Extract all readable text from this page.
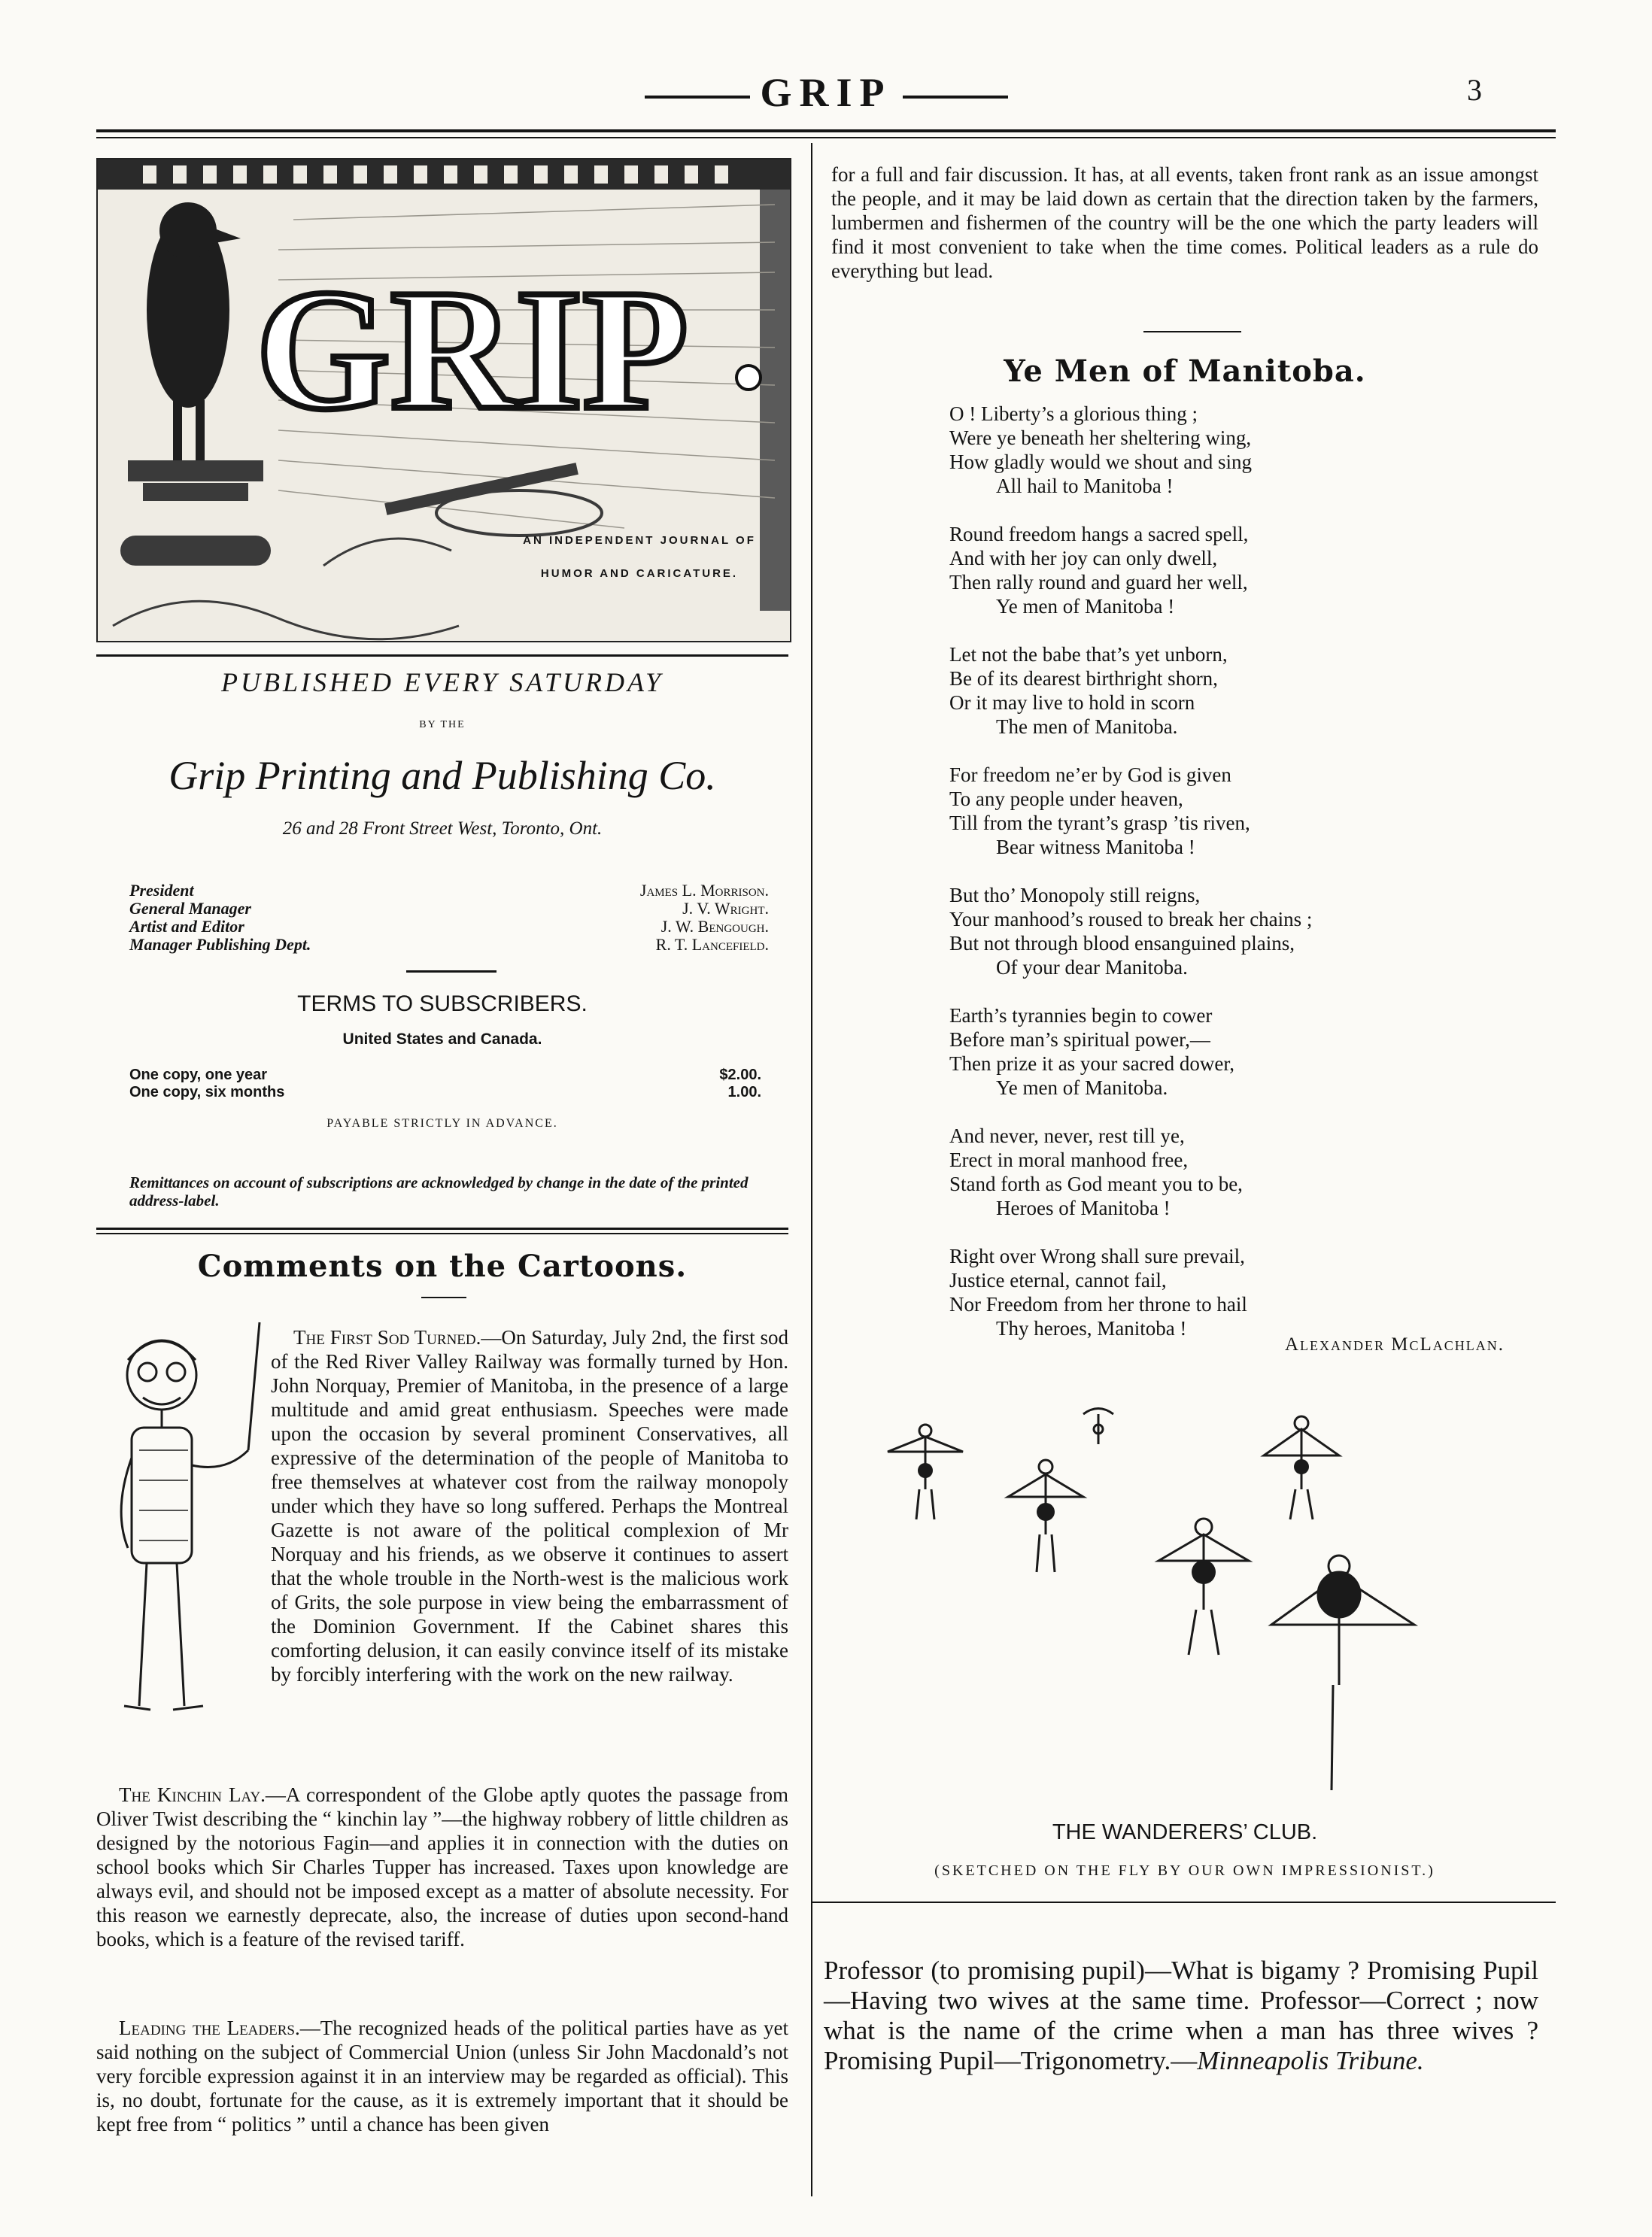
GRIP	3
GRIP
AN INDEPENDENT JOURNAL OF
HUMOR AND CARICATURE.
PUBLISHED EVERY SATURDAY
BY THE
Grip Printing and Publishing Co.
26 and 28 Front Street West, Toronto, Ont.
President	James L. Morrison.
General Manager	J. V. Wright.
Artist and Editor	J. W. Bengough.
Manager Publishing Dept.	R. T. Lancefield.
TERMS TO SUBSCRIBERS.
United States and Canada.
One copy, one year	$2.00.
One copy, six months	1.00.
PAYABLE STRICTLY IN ADVANCE.
Remittances on account of subscriptions are acknowledged by change in the date of the printed address-label.
Comments on the Cartoons.
The First Sod Turned.—On Saturday, July 2nd, the first sod of the Red River Valley Railway was formally turned by Hon. John Norquay, Premier of Manitoba, in the presence of a large multitude and amid great enthusiasm. Speeches were made upon the occasion by several prominent Conservatives, all expressive of the determination of the people of Manitoba to free themselves at whatever cost from the railway monopoly under which they have so long suffered. Perhaps the Montreal Gazette is not aware of the political complexion of Mr Norquay and his friends, as we observe it continues to assert that the whole trouble in the North-west is the malicious work of Grits, the sole purpose in view being the embarrassment of the Dominion Government. If the Cabinet shares this comforting delusion, it can easily convince itself of its mistake by forcibly interfering with the work on the new railway.
The Kinchin Lay.—A correspondent of the Globe aptly quotes the passage from Oliver Twist describing the “ kinchin lay ”—the highway robbery of little children as designed by the notorious Fagin—and applies it in connection with the duties on school books which Sir Charles Tupper has increased. Taxes upon knowledge are always evil, and should not be imposed except as a matter of absolute necessity. For this reason we earnestly deprecate, also, the increase of duties upon second-hand books, which is a feature of the revised tariff.
Leading the Leaders.—The recognized heads of the political parties have as yet said nothing on the subject of Commercial Union (unless Sir John Macdonald’s not very forcible expression against it in an interview may be regarded as official). This is, no doubt, fortunate for the cause, as it is extremely important that it should be kept free from “ politics ” until a chance has been given
for a full and fair discussion. It has, at all events, taken front rank as an issue amongst the people, and it may be laid down as certain that the direction taken by the farmers, lumbermen and fishermen of the country will be the one which the party leaders will find it most convenient to take when the time comes. Political leaders as a rule do everything but lead.
Ye Men of Manitoba.
O ! Liberty’s a glorious thing ;
Were ye beneath her sheltering wing,
How gladly would we shout and sing
All hail to Manitoba !
Round freedom hangs a sacred spell,
And with her joy can only dwell,
Then rally round and guard her well,
Ye men of Manitoba !
Let not the babe that’s yet unborn,
Be of its dearest birthright shorn,
Or it may live to hold in scorn
The men of Manitoba.
For freedom ne’er by God is given
To any people under heaven,
Till from the tyrant’s grasp ’tis riven,
Bear witness Manitoba !
But tho’ Monopoly still reigns,
Your manhood’s roused to break her chains ;
But not through blood ensanguined plains,
Of your dear Manitoba.
Earth’s tyrannies begin to cower
Before man’s spiritual power,—
Then prize it as your sacred dower,
Ye men of Manitoba.
And never, never, rest till ye,
Erect in moral manhood free,
Stand forth as God meant you to be,
Heroes of Manitoba !
Right over Wrong shall sure prevail,
Justice eternal, cannot fail,
Nor Freedom from her throne to hail
Thy heroes, Manitoba !
Alexander McLachlan.
THE WANDERERS’ CLUB.
(SKETCHED ON THE FLY BY OUR OWN IMPRESSIONIST.)
Professor (to promising pupil)—What is bigamy ? Promising Pupil—Having two wives at the same time. Professor—Correct ; now what is the name of the crime when a man has three wives ? Promising Pupil—Trigonometry.—Minneapolis Tribune.
